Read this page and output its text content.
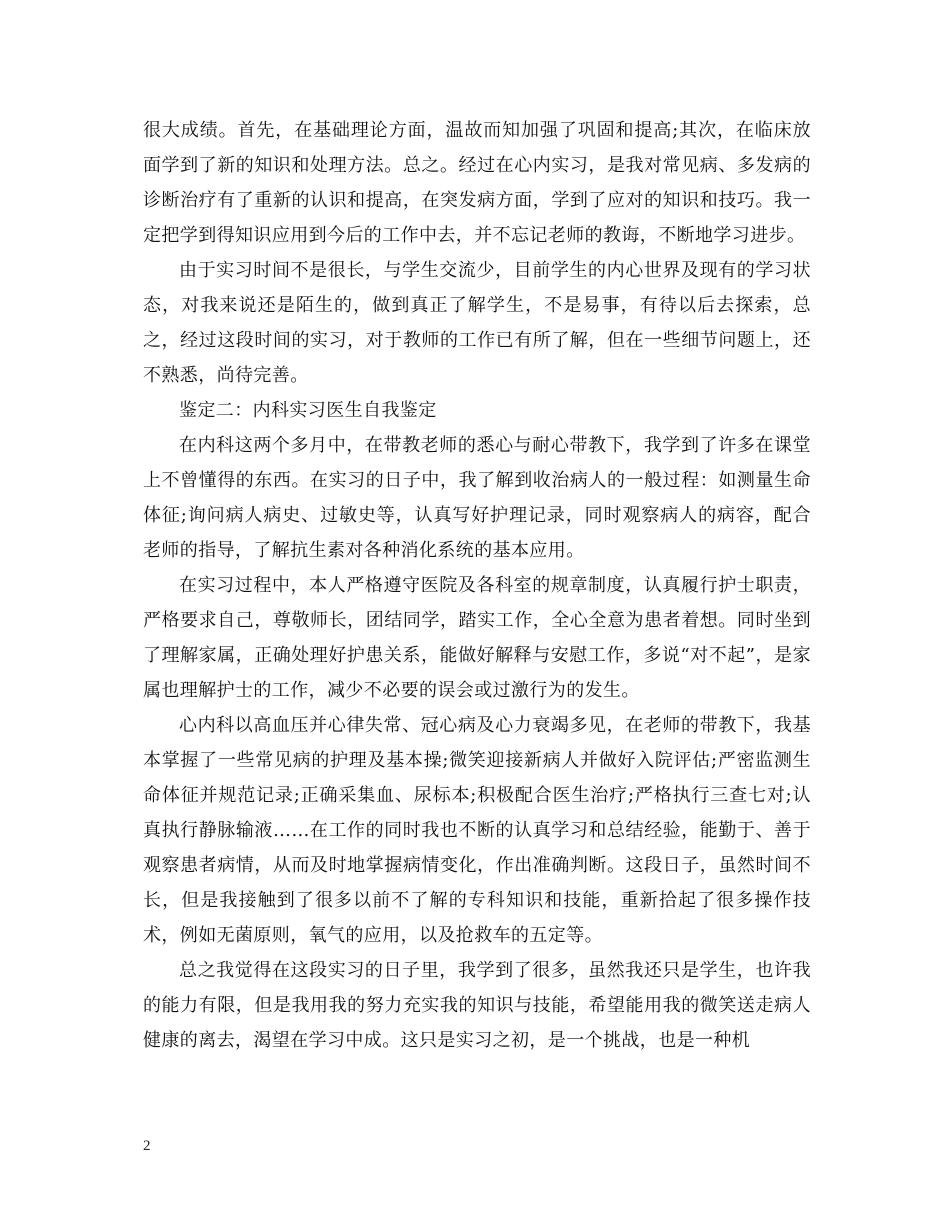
很大成绩。首先，在基础理论方面，温故而知加强了巩固和提高;其次，在临床放面学到了新的知识和处理方法。总之。经过在心内实习，是我对常见病、多发病的诊断治疗有了重新的认识和提高，在突发病方面，学到了应对的知识和技巧。我一定把学到得知识应用到今后的工作中去，并不忘记老师的教诲，不断地学习进步。

由于实习时间不是很长，与学生交流少，目前学生的内心世界及现有的学习状态，对我来说还是陌生的，做到真正了解学生，不是易事，有待以后去探索，总之，经过这段时间的实习，对于教师的工作已有所了解，但在一些细节问题上，还不熟悉，尚待完善。

鉴定二：内科实习医生自我鉴定

在内科这两个多月中，在带教老师的悉心与耐心带教下，我学到了许多在课堂上不曾懂得的东西。在实习的日子中，我了解到收治病人的一般过程：如测量生命体征;询问病人病史、过敏史等，认真写好护理记录，同时观察病人的病容，配合老师的指导，了解抗生素对各种消化系统的基本应用。

在实习过程中，本人严格遵守医院及各科室的规章制度，认真履行护士职责，严格要求自己，尊敬师长，团结同学，踏实工作，全心全意为患者着想。同时坐到了理解家属，正确处理好护患关系，能做好解释与安慰工作，多说“对不起”，是家属也理解护士的工作，减少不必要的误会或过激行为的发生。

心内科以高血压并心律失常、冠心病及心力衰竭多见，在老师的带教下，我基本掌握了一些常见病的护理及基本操;微笑迎接新病人并做好入院评估;严密监测生命体征并规范记录;正确采集血、尿标本;积极配合医生治疗;严格执行三查七对;认真执行静脉输液……在工作的同时我也不断的认真学习和总结经验，能勤于、善于观察患者病情，从而及时地掌握病情变化，作出准确判断。这段日子，虽然时间不长，但是我接触到了很多以前不了解的专科知识和技能，重新拾起了很多操作技术，例如无菌原则，氧气的应用，以及抢救车的五定等。

总之我觉得在这段实习的日子里，我学到了很多，虽然我还只是学生，也许我的能力有限，但是我用我的努力充实我的知识与技能，希望能用我的微笑送走病人健康的离去，渴望在学习中成。这只是实习之初，是一个挑战，也是一种机

2
